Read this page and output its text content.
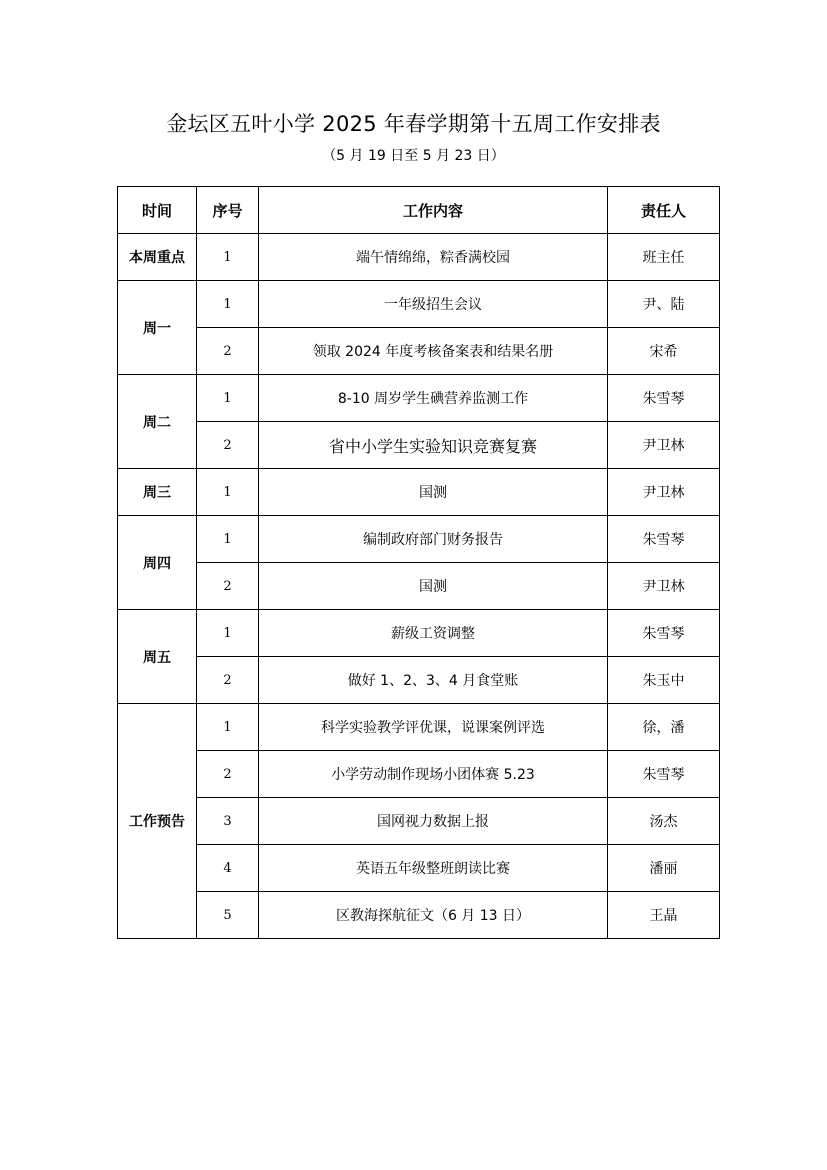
金坛区五叶小学 2025 年春学期第十五周工作安排表
（5 月 19 日至 5 月 23 日）
时间	序号	工作内容	责任人
本周重点	1	端午情绵绵，粽香满校园	班主任
周一	1	一年级招生会议	尹、陆
	2	领取 2024 年度考核备案表和结果名册	宋希
周二	1	8-10 周岁学生碘营养监测工作	朱雪琴
	2	省中小学生实验知识竞赛复赛	尹卫林
周三	1	国测	尹卫林
周四	1	编制政府部门财务报告	朱雪琴
	2	国测	尹卫林
周五	1	薪级工资调整	朱雪琴
	2	做好 1、2、3、4 月食堂账	朱玉中
工作预告	1	科学实验教学评优课，说课案例评选	徐，潘
	2	小学劳动制作现场小团体赛 5.23	朱雪琴
	3	国网视力数据上报	汤杰
	4	英语五年级整班朗读比赛	潘丽
	5	区教海探航征文（6 月 13 日）	王晶
